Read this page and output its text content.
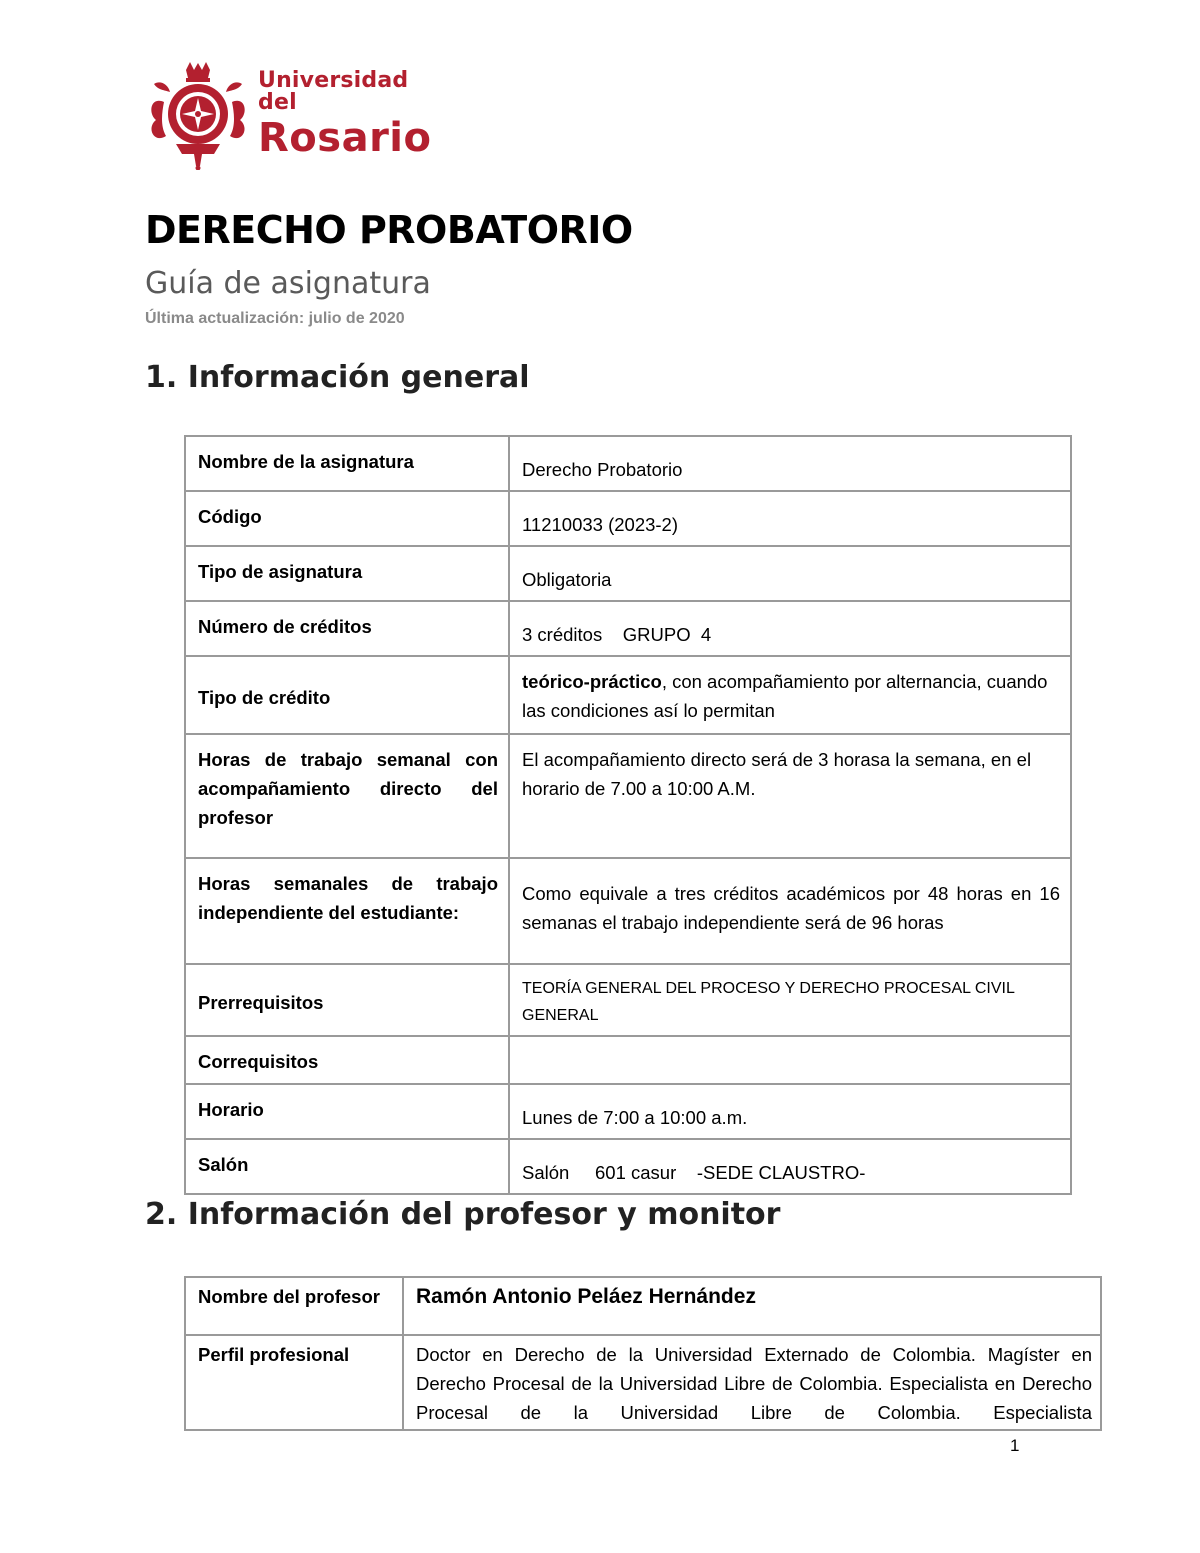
Universidad del
Rosario
DERECHO PROBATORIO
Guía de asignatura
Última actualización: julio de 2020
1. Información general
Nombre de la asignatura	Derecho Probatorio
Código	11210033 (2023-2)
Tipo de asignatura	Obligatoria
Número de créditos	3 créditos    GRUPO  4
Tipo de crédito	teórico-práctico, con acompañamiento por alternancia, cuando las condiciones así lo permitan
Horas de trabajo semanal con acompañamiento directo del profesor	El acompañamiento directo será de 3 horasa la semana, en el horario de 7.00 a 10:00 A.M.
Horas semanales de trabajo independiente del estudiante:	Como equivale a tres créditos académicos por 48 horas en 16 semanas el trabajo independiente será de 96 horas
Prerrequisitos	TEORÍA GENERAL DEL PROCESO Y DERECHO PROCESAL CIVIL GENERAL
Correquisitos	
Horario	Lunes de 7:00 a 10:00 a.m.
Salón	Salón     601 casur    -SEDE CLAUSTRO-
2. Información del profesor y monitor
Nombre del profesor	Ramón Antonio Peláez Hernández
Perfil profesional	Doctor en Derecho de la Universidad Externado de Colombia. Magíster en Derecho Procesal de la Universidad Libre de Colombia. Especialista en Derecho Procesal de la Universidad Libre de Colombia. Especialista
1
